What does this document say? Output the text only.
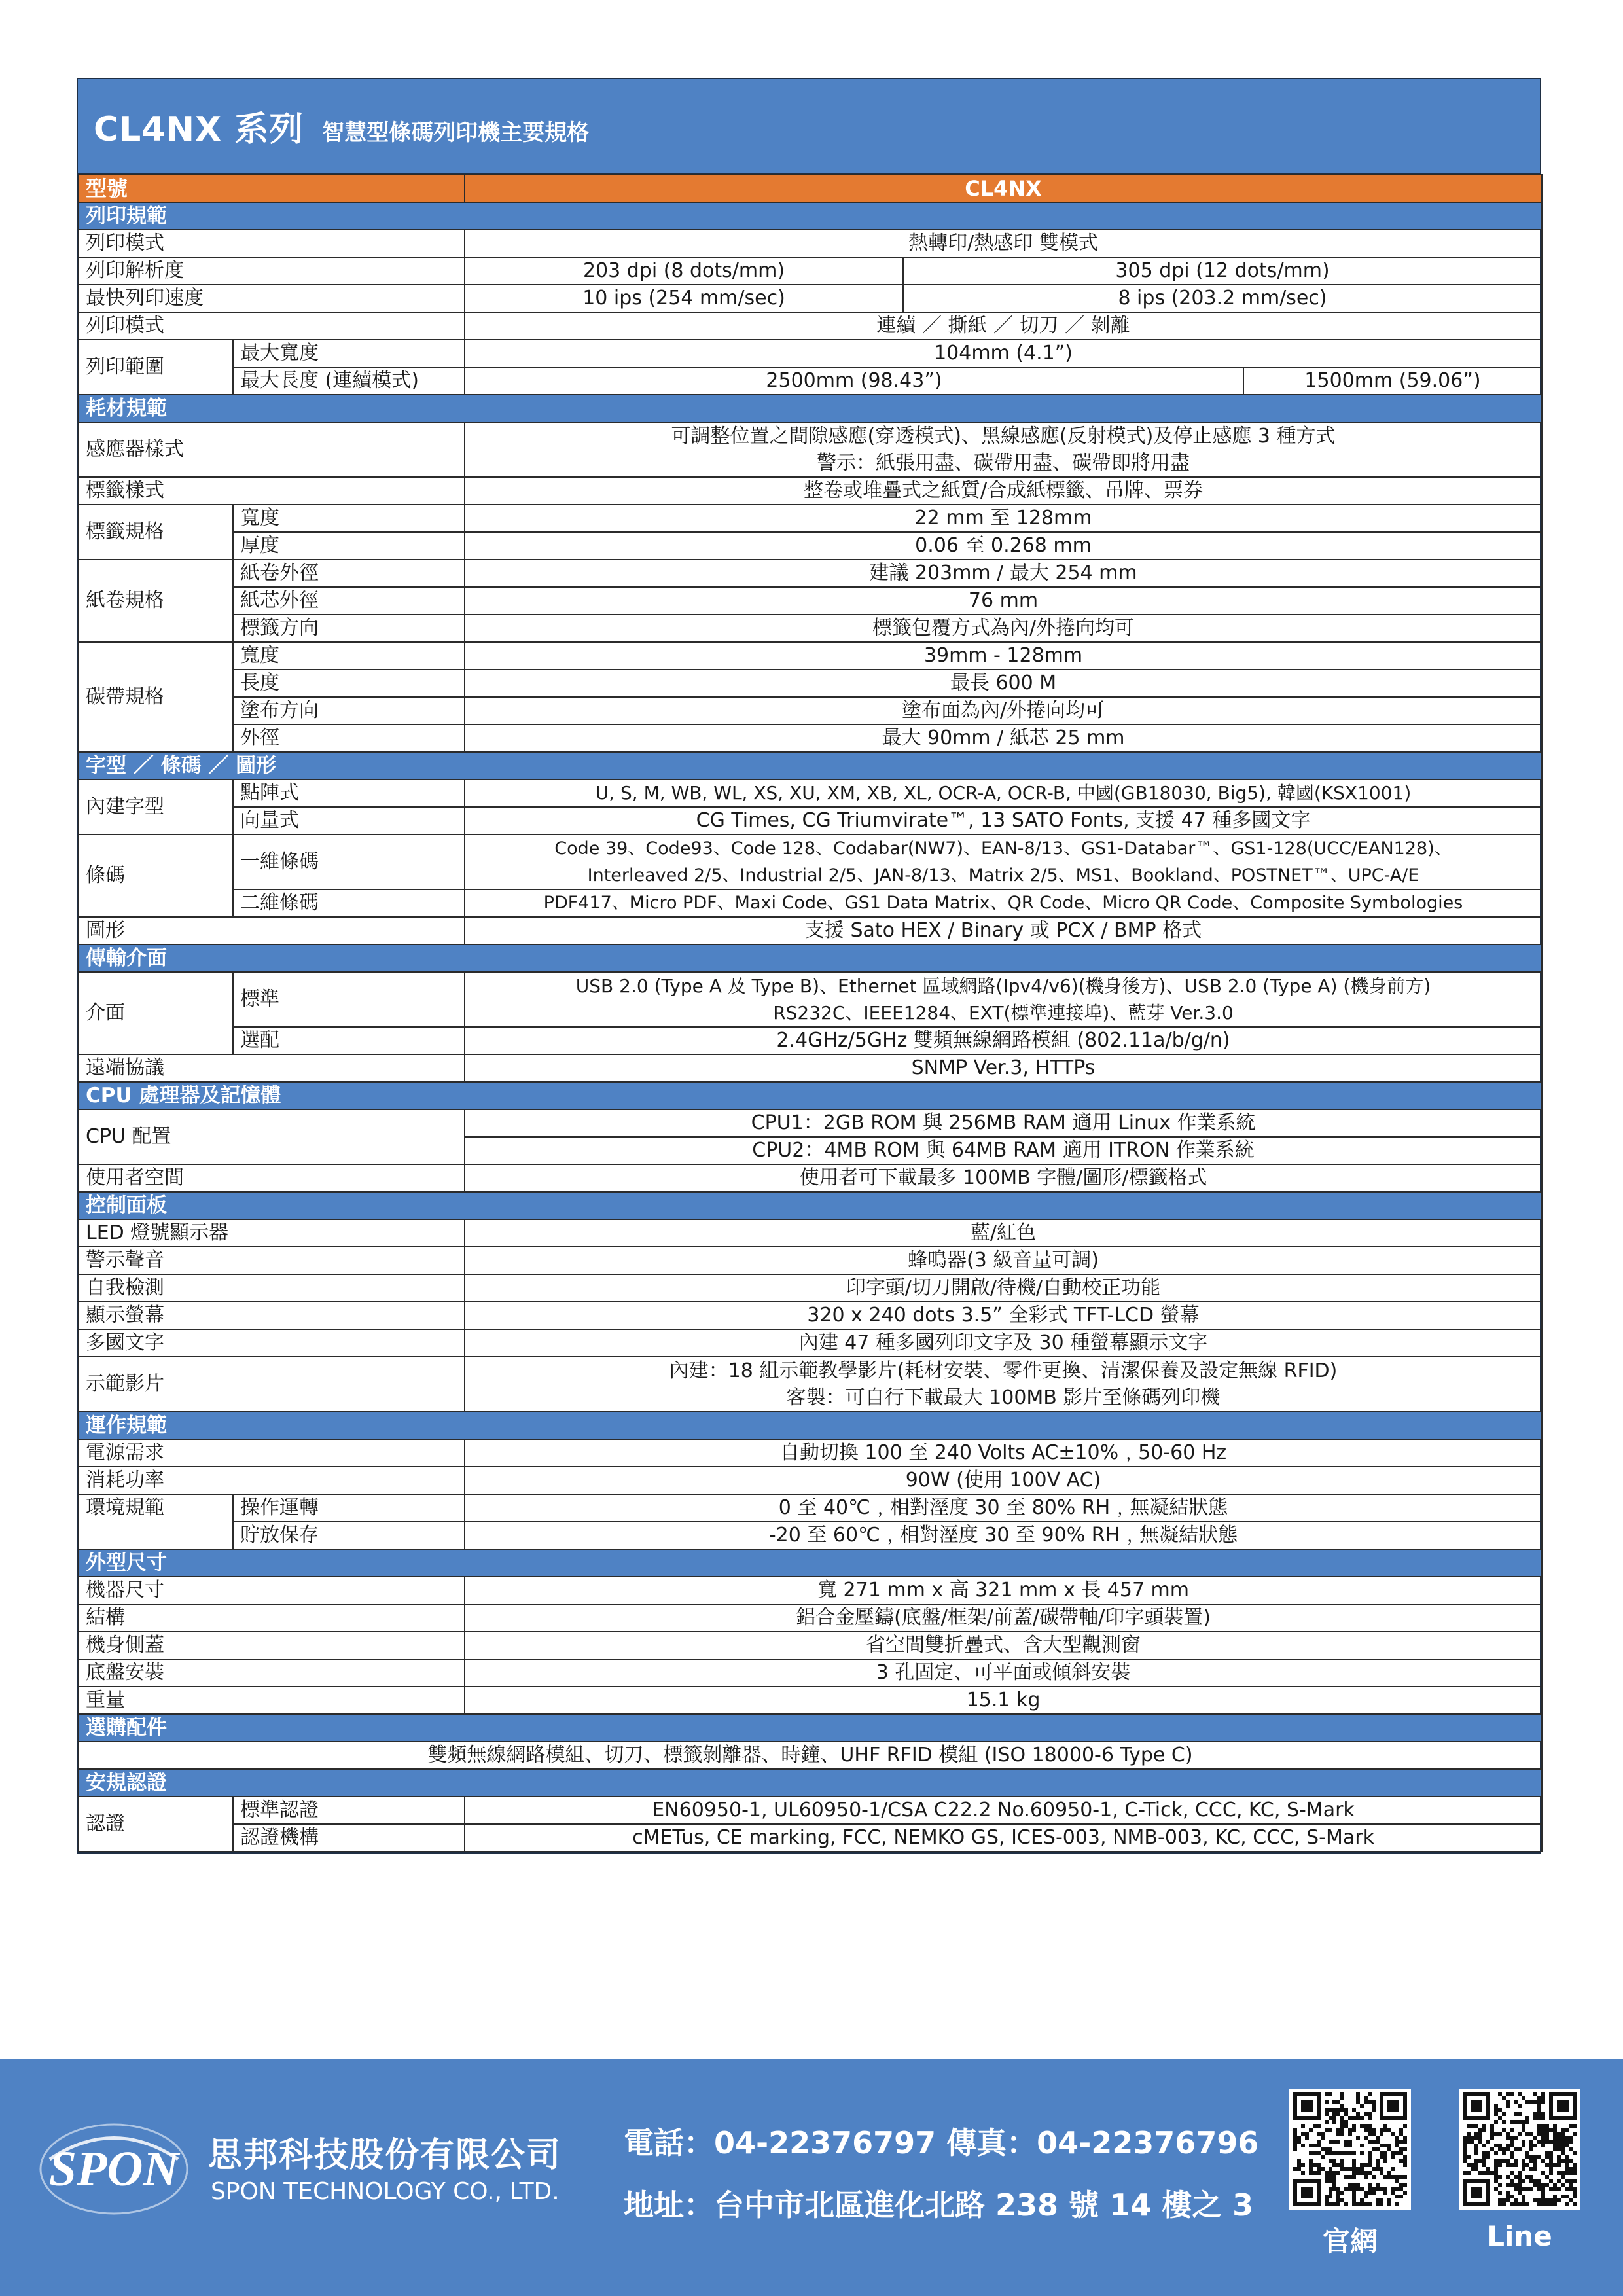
CL4NX 系列 智慧型條碼列印機主要規格
型號		CL4NX			
列印規範					
列印模式		熱轉印/熱感印 雙模式			
列印解析度		203 dpi (8 dots/mm)	305 dpi (12 dots/mm)	
最快列印速度		10 ips (254 mm/sec)	8 ips (203.2 mm/sec)	
列印模式		連續 ／ 撕紙 ／ 切刀 ／ 剝離			
列印範圍	最大寬度	104mm (4.1”)			
	最大長度 (連續模式)	2500mm (98.43”)		1500mm (59.06”)	
耗材規範					
感應器樣式		可調整位置之間隙感應(穿透模式)、黑線感應(反射模式)及停止感應 3 種方式
警示：紙張用盡、碳帶用盡、碳帶即將用盡			

標籤樣式		整卷或堆疊式之紙質/合成紙標籤、吊牌、票券			
標籤規格	寬度	22 mm 至 128mm			
	厚度	0.06 至 0.268 mm			
紙卷規格	紙卷外徑	建議 203mm / 最大 254 mm			
	紙芯外徑	76 mm			
	標籤方向	標籤包覆方式為內/外捲向均可			
碳帶規格	寬度	39mm - 128mm			
	長度	最長 600 M			
	塗布方向	塗布面為內/外捲向均可			
	外徑	最大 90mm / 紙芯 25 mm			
字型 ／ 條碼 ／ 圖形					
內建字型	點陣式	U, S, M, WB, WL, XS, XU, XM, XB, XL, OCR-A, OCR-B, 中國(GB18030, Big5), 韓國(KSX1001)			
	向量式	CG Times, CG Triumvirate™, 13 SATO Fonts, 支援 47 種多國文字			
條碼	一維條碼	Code 39、Code93、Code 128、Codabar(NW7)、EAN-8/13、GS1-Databar™、GS1-128(UCC/EAN128)、
Interleaved 2/5、Industrial 2/5、JAN-8/13、Matrix 2/5、MS1、Bookland、POSTNET™、UPC-A/E			

	二維條碼	PDF417、Micro PDF、Maxi Code、GS1 Data Matrix、QR Code、Micro QR Code、Composite Symbologies			
圖形		支援 Sato HEX / Binary 或 PCX / BMP 格式			
傳輸介面					
介面	標準	USB 2.0 (Type A 及 Type B)、Ethernet 區域網路(Ipv4/v6)(機身後方)、USB 2.0 (Type A) (機身前方)
RS232C、IEEE1284、EXT(標準連接埠)、藍芽 Ver.3.0			

	選配	2.4GHz/5GHz 雙頻無線網路模組 (802.11a/b/g/n)			
遠端協議		SNMP Ver.3, HTTPs			
CPU 處理器及記憶體					
CPU 配置		CPU1：2GB ROM 與 256MB RAM 適用 Linux 作業系統			
		CPU2：4MB ROM 與 64MB RAM 適用 ITRON 作業系統			
使用者空間		使用者可下載最多 100MB 字體/圖形/標籤格式			
控制面板					
LED 燈號顯示器		藍/紅色			
警示聲音		蜂鳴器(3 級音量可調)			
自我檢測		印字頭/切刀開啟/待機/自動校正功能			
顯示螢幕		320 x 240 dots 3.5” 全彩式 TFT-LCD 螢幕			
多國文字		內建 47 種多國列印文字及 30 種螢幕顯示文字			
示範影片		內建：18 組示範教學影片(耗材安裝、零件更換、清潔保養及設定無線 RFID)
客製：可自行下載最大 100MB 影片至條碼列印機			

運作規範					
電源需求		自動切換 100 至 240 Volts AC±10%﹐50-60 Hz			
消耗功率		90W (使用 100V AC)			
環境規範	操作運轉	0 至 40℃﹐相對溼度 30 至 80% RH﹐無凝結狀態			
	貯放保存	-20 至 60℃﹐相對溼度 30 至 90% RH﹐無凝結狀態			
外型尺寸					
機器尺寸		寬 271 mm x 高 321 mm x 長 457 mm			
結構		鋁合金壓鑄(底盤/框架/前蓋/碳帶軸/印字頭裝置)			
機身側蓋		省空間雙折疊式、含大型觀測窗			
底盤安裝		3 孔固定、可平面或傾斜安裝			
重量		15.1 kg			
選購配件					
雙頻無線網路模組、切刀、標籤剝離器、時鐘、UHF RFID 模組 (ISO 18000-6 Type C)					
安規認證					
認證	標準認證	EN60950-1, UL60950-1/CSA C22.2 No.60950-1, C-Tick, CCC, KC, S-Mark			
	認證機構	cMETus, CE marking, FCC, NEMKO GS, ICES-003, NMB-003, KC, CCC, S-Mark			
SPON 思邦科技股份有限公司
SPON TECHNOLOGY CO., LTD.
電話：04-22376797 傳真：04-22376796
地址：台中市北區進化北路 238 號 14 樓之 3
官網	Line
